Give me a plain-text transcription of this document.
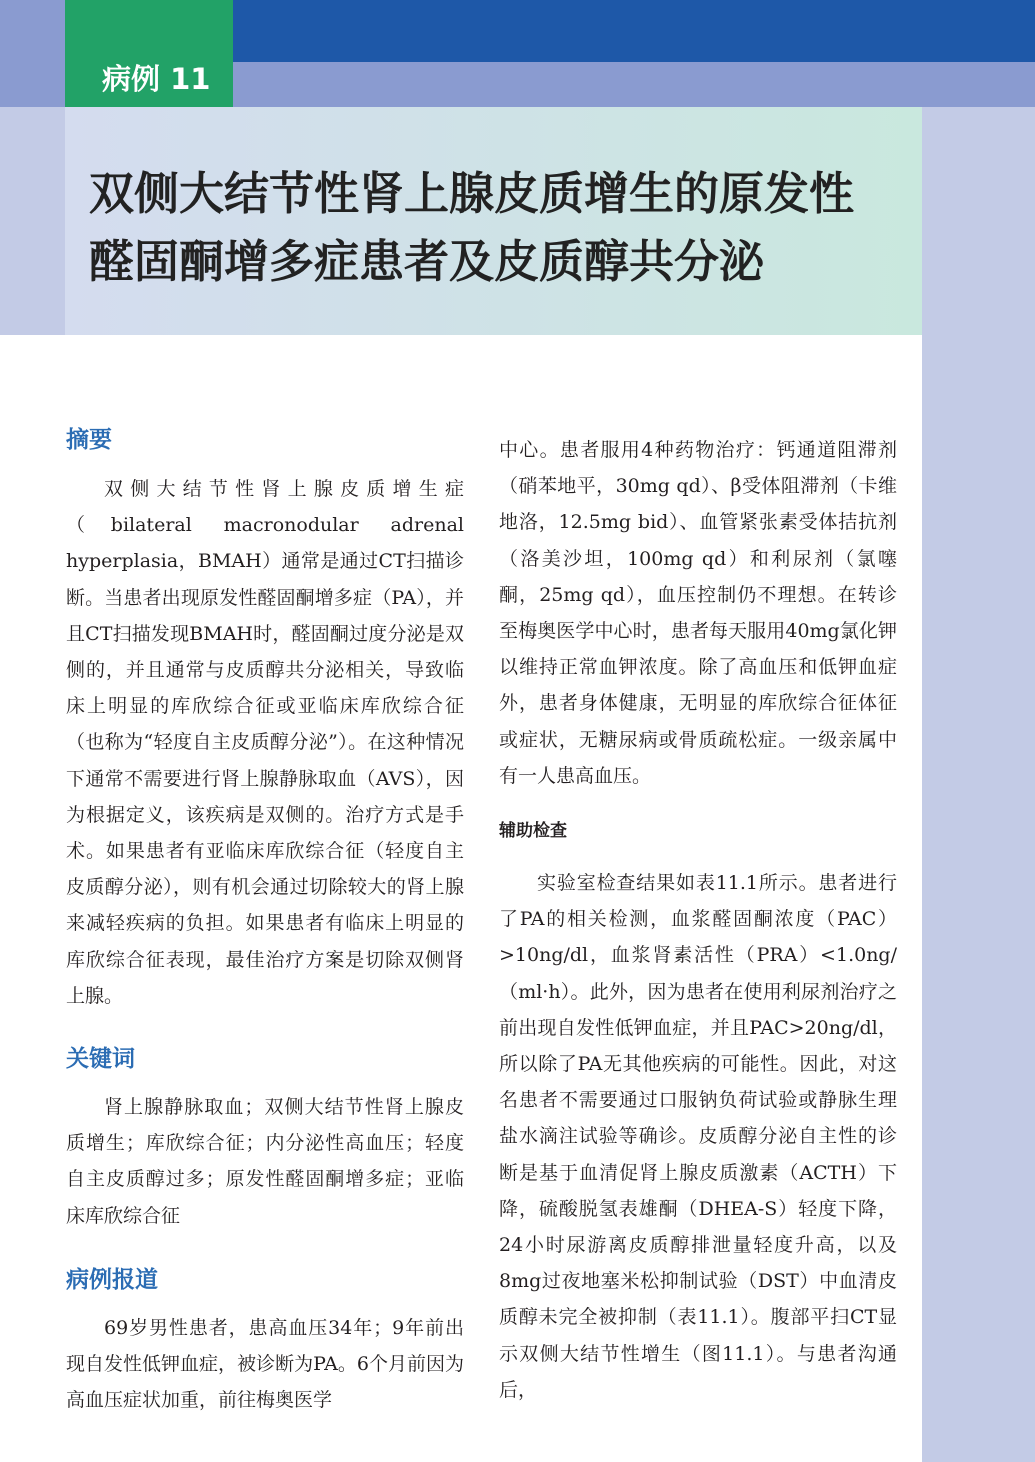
病例 11
双侧大结节性肾上腺皮质增生的原发性
醛固酮增多症患者及皮质醇共分泌
摘要

双侧大结节性肾上腺皮质增生症（bilateral macronodular adrenal hyperplasia，BMAH）通常是通过CT扫描诊断。当患者出现原发性醛固酮增多症（PA），并且CT扫描发现BMAH时，醛固酮过度分泌是双侧的，并且通常与皮质醇共分泌相关，导致临床上明显的库欣综合征或亚临床库欣综合征（也称为“轻度自主皮质醇分泌”）。在这种情况下通常不需要进行肾上腺静脉取血（AVS），因为根据定义，该疾病是双侧的。治疗方式是手术。如果患者有亚临床库欣综合征（轻度自主皮质醇分泌），则有机会通过切除较大的肾上腺来减轻疾病的负担。如果患者有临床上明显的库欣综合征表现，最佳治疗方案是切除双侧肾上腺。

关键词

肾上腺静脉取血；双侧大结节性肾上腺皮质增生；库欣综合征；内分泌性高血压；轻度自主皮质醇过多；原发性醛固酮增多症；亚临床库欣综合征

病例报道

69岁男性患者，患高血压34年；9年前出现自发性低钾血症，被诊断为PA。6个月前因为高血压症状加重，前往梅奥医学

中心。患者服用4种药物治疗：钙通道阻滞剂（硝苯地平，30mg qd）、β受体阻滞剂（卡维地洛，12.5mg bid）、血管紧张素受体拮抗剂（洛美沙坦，100mg qd）和利尿剂（氯噻酮，25mg qd），血压控制仍不理想。在转诊至梅奥医学中心时，患者每天服用40mg氯化钾以维持正常血钾浓度。除了高血压和低钾血症外，患者身体健康，无明显的库欣综合征体征或症状，无糖尿病或骨质疏松症。一级亲属中有一人患高血压。

辅助检查

实验室检查结果如表11.1所示。患者进行了PA的相关检测，血浆醛固酮浓度（PAC）>10ng/dl，血浆肾素活性（PRA）<1.0ng/（ml·h）。此外，因为患者在使用利尿剂治疗之前出现自发性低钾血症，并且PAC>20ng/dl，所以除了PA无其他疾病的可能性。因此，对这名患者不需要通过口服钠负荷试验或静脉生理盐水滴注试验等确诊。皮质醇分泌自主性的诊断是基于血清促肾上腺皮质激素（ACTH）下降，硫酸脱氢表雄酮（DHEA-S）轻度下降，24小时尿游离皮质醇排泄量轻度升高，以及8mg过夜地塞米松抑制试验（DST）中血清皮质醇未完全被抑制（表11.1）。腹部平扫CT显示双侧大结节性增生（图11.1）。与患者沟通后，
